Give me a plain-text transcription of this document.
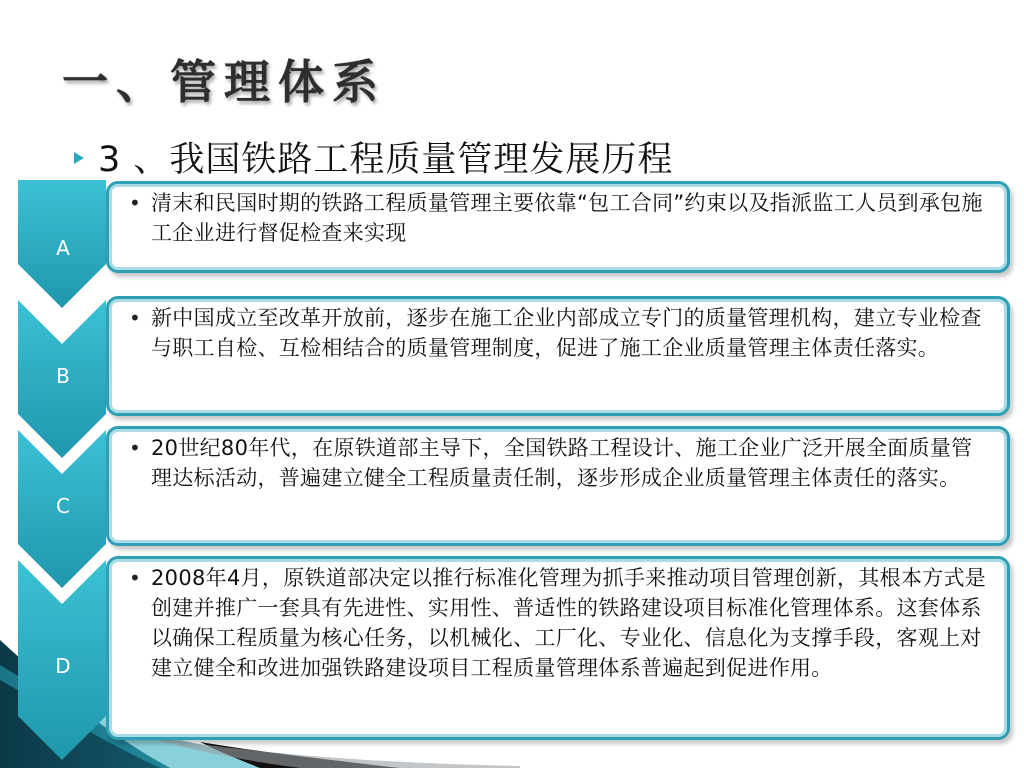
一、管理体系
3 、我国铁路工程质量管理发展历程
A
B
C
D
• 清末和民国时期的铁路工程质量管理主要依靠“包工合同”约束以及指派监工人员到承包施工企业进行督促检查来实现
• 新中国成立至改革开放前，逐步在施工企业内部成立专门的质量管理机构，建立专业检查与职工自检、互检相结合的质量管理制度，促进了施工企业质量管理主体责任落实。
• 20世纪80年代，在原铁道部主导下，全国铁路工程设计、施工企业广泛开展全面质量管理达标活动，普遍建立健全工程质量责任制，逐步形成企业质量管理主体责任的落实。
• 2008年4月，原铁道部决定以推行标准化管理为抓手来推动项目管理创新，其根本方式是创建并推广一套具有先进性、实用性、普适性的铁路建设项目标准化管理体系。这套体系以确保工程质量为核心任务，以机械化、工厂化、专业化、信息化为支撑手段，客观上对建立健全和改进加强铁路建设项目工程质量管理体系普遍起到促进作用。
